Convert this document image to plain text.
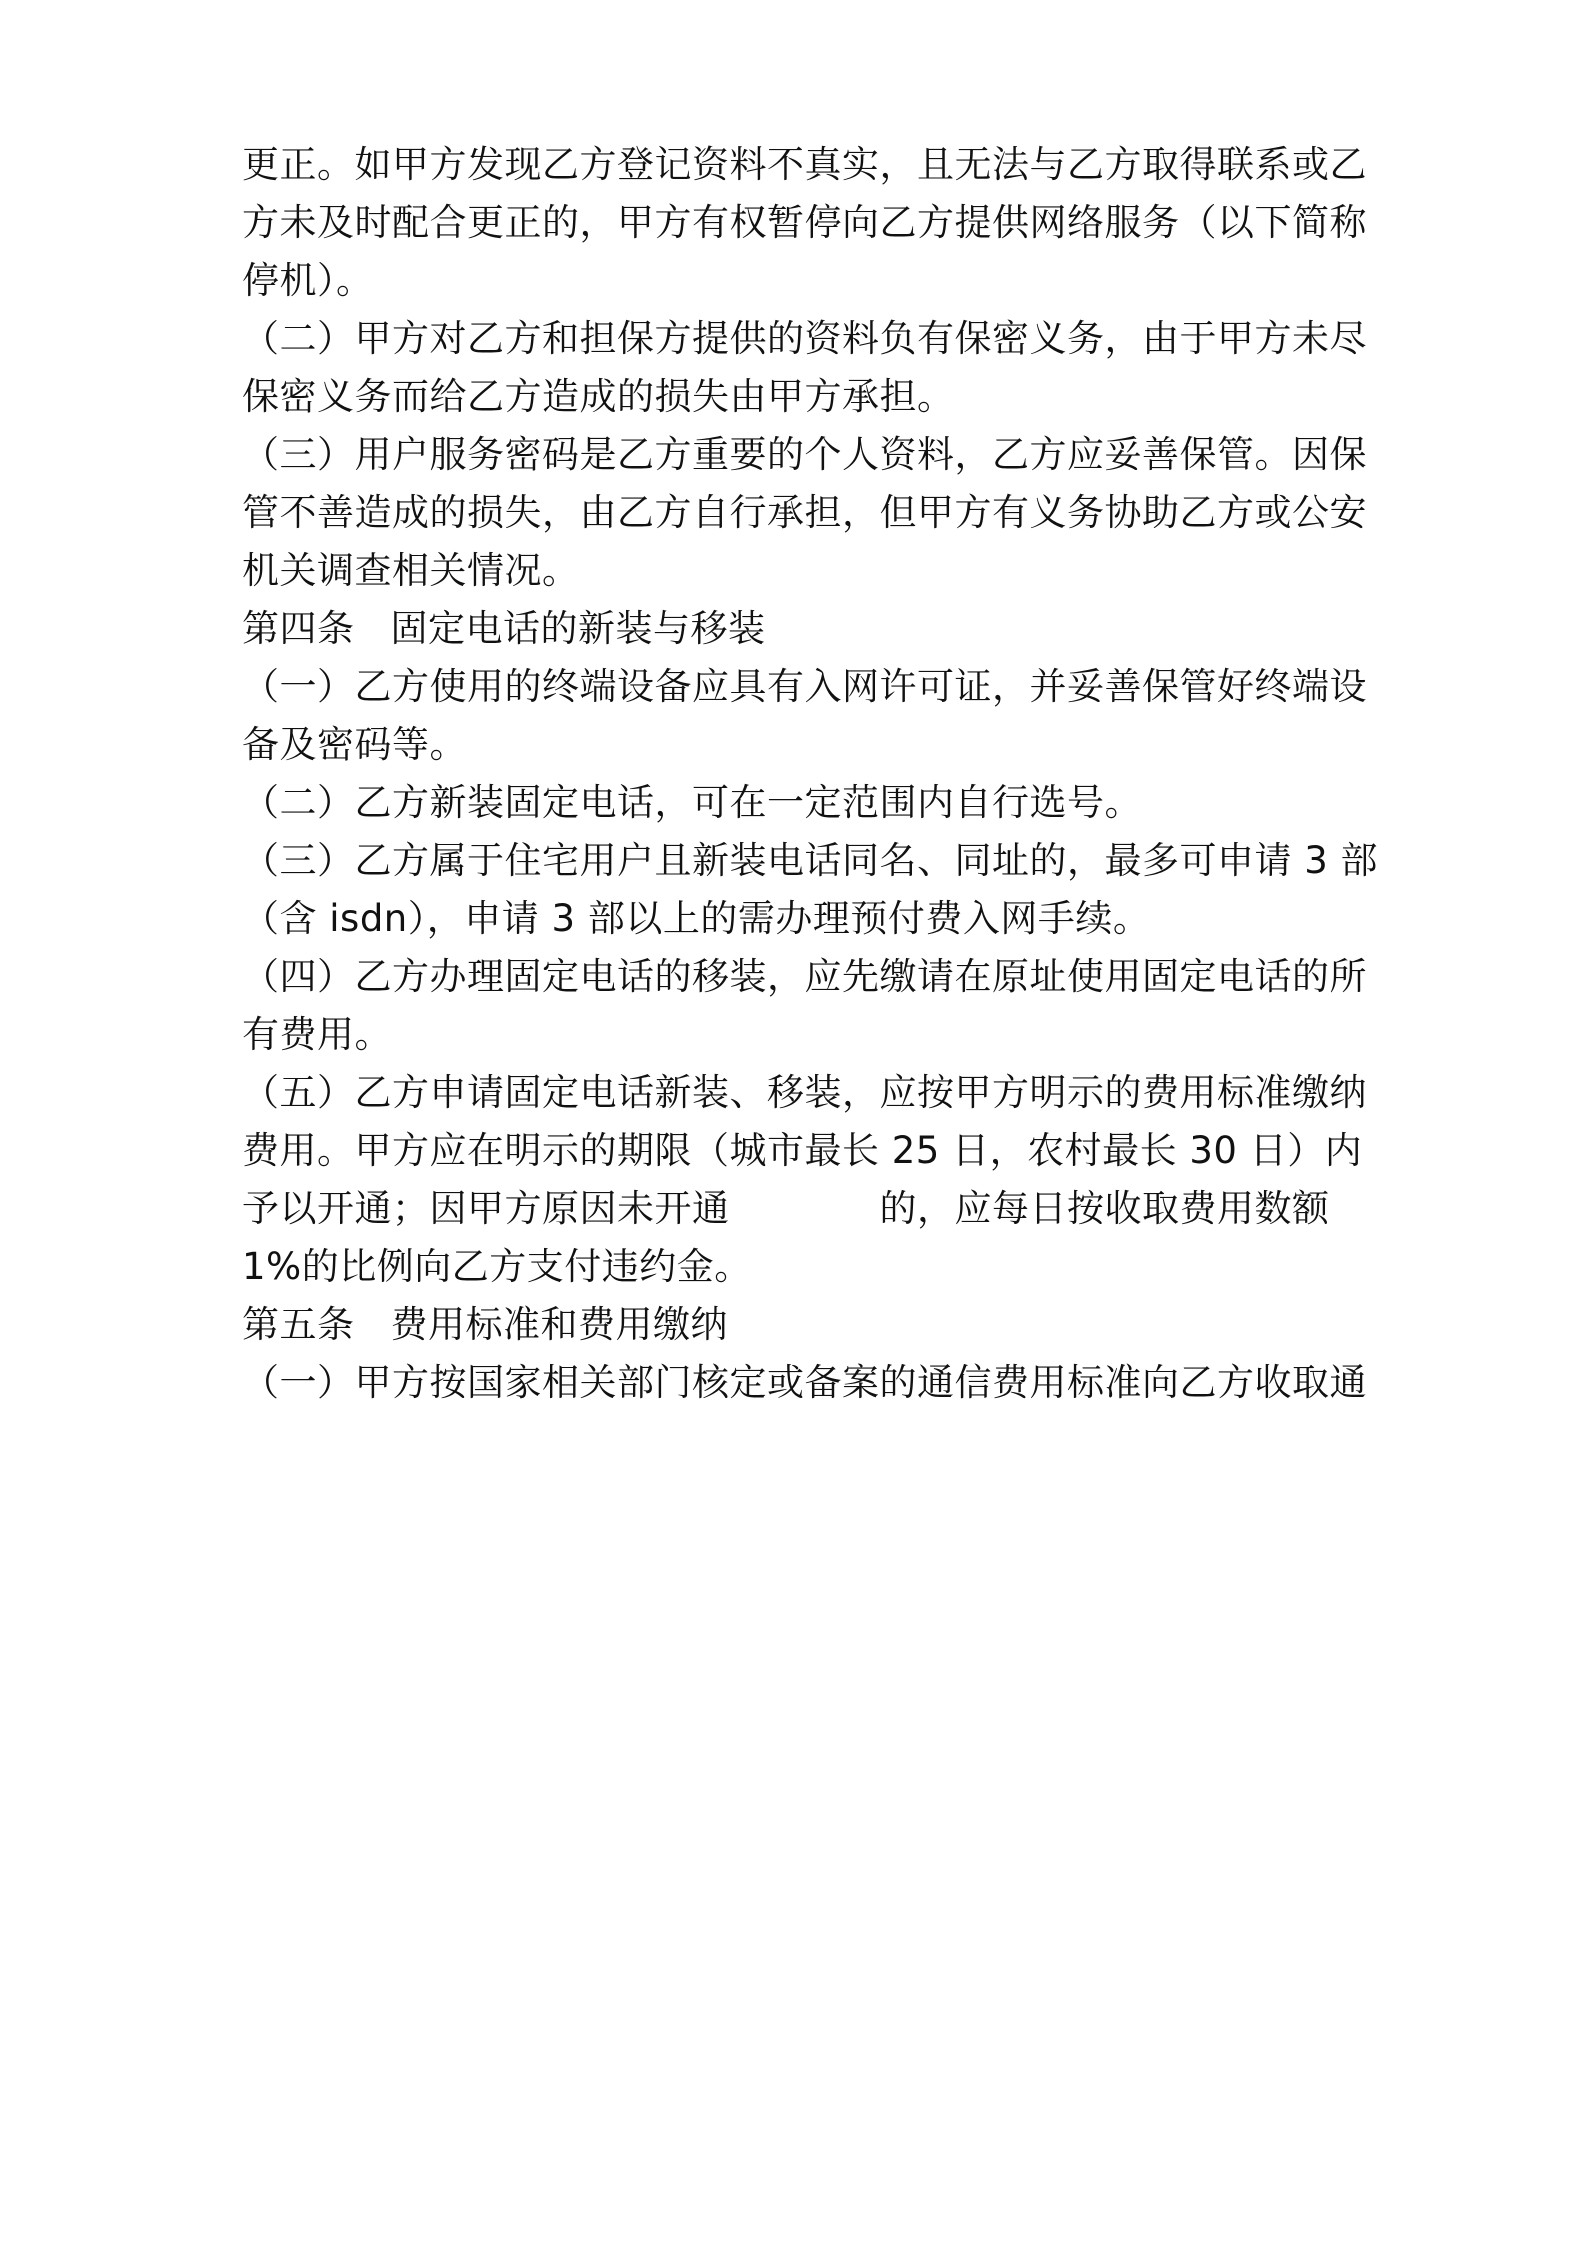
更正。如甲方发现乙方登记资料不真实，且无法与乙方取得联系或乙
方未及时配合更正的，甲方有权暂停向乙方提供网络服务（以下简称
停机）。
（二）甲方对乙方和担保方提供的资料负有保密义务，由于甲方未尽
保密义务而给乙方造成的损失由甲方承担。
（三）用户服务密码是乙方重要的个人资料，乙方应妥善保管。因保
管不善造成的损失，由乙方自行承担，但甲方有义务协助乙方或公安
机关调查相关情况。
第四条 固定电话的新装与移装
（一）乙方使用的终端设备应具有入网许可证，并妥善保管好终端设
备及密码等。
（二）乙方新装固定电话，可在一定范围内自行选号。
（三）乙方属于住宅用户且新装电话同名、同址的，最多可申请 3 部
（含 isdn），申请 3 部以上的需办理预付费入网手续。
（四）乙方办理固定电话的移装，应先缴请在原址使用固定电话的所
有费用。
（五）乙方申请固定电话新装、移装，应按甲方明示的费用标准缴纳
费用。甲方应在明示的期限（城市最长 25 日，农村最长 30 日）内
予以开通；因甲方原因未开通	的，应每日按收取费用数额
1%的比例向乙方支付违约金。
第五条 费用标准和费用缴纳
（一）甲方按国家相关部门核定或备案的通信费用标准向乙方收取通
